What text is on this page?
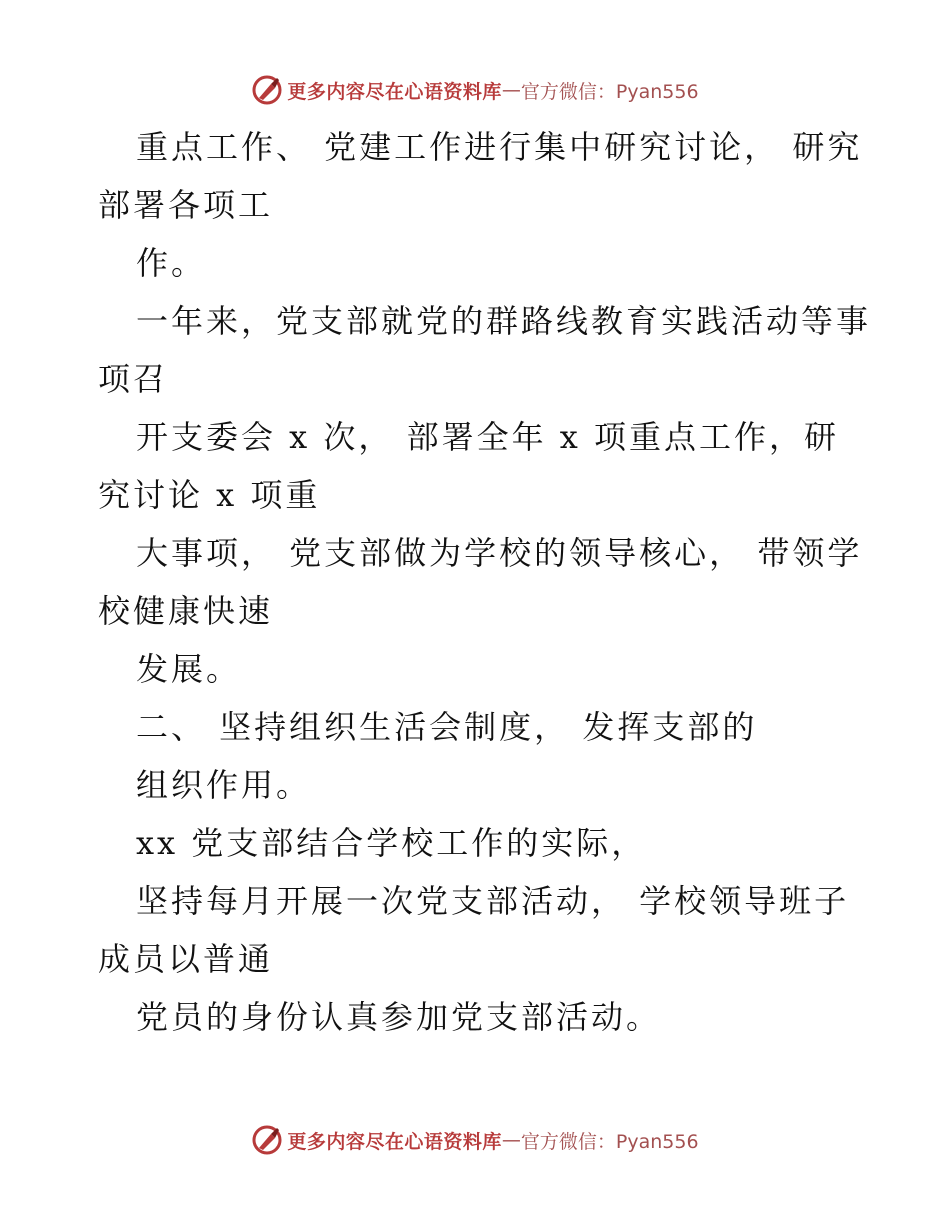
更多内容尽在心语资料库 — 官方微信：Pyan556
重点工作、 党建工作进行集中研究讨论， 研究
部署各项工
作。
一年来，党支部就党的群路线教育实践活动等事
项召
开支委会 x 次， 部署全年 x 项重点工作，研
究讨论 x 项重
大事项， 党支部做为学校的领导核心， 带领学
校健康快速
发展。
二、 坚持组织生活会制度， 发挥支部的
组织作用。
xx 党支部结合学校工作的实际，
坚持每月开展一次党支部活动， 学校领导班子
成员以普通
党员的身份认真参加党支部活动。
更多内容尽在心语资料库 — 官方微信：Pyan556
